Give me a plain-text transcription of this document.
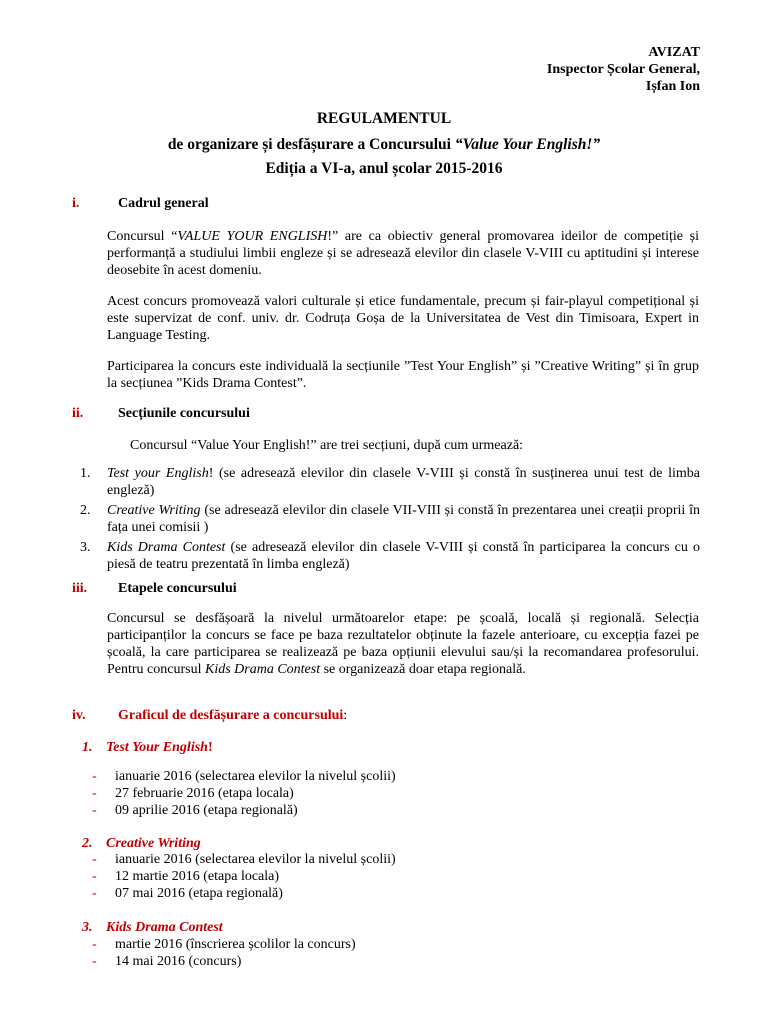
AVIZAT
Inspector Școlar General,
Ișfan Ion
REGULAMENTUL
de organizare și desfășurare a Concursului “Value Your English!”
Ediția a VI-a, anul școlar 2015-2016
i.	Cadrul general
Concursul “VALUE YOUR ENGLISH!” are ca obiectiv general promovarea ideilor de competiție și performanță a studiului limbii engleze și se adresează elevilor din clasele V-VIII cu aptitudini și interese deosebite în acest domeniu.
Acest concurs promovează valori culturale și etice fundamentale, precum și fair-playul competițional și este supervizat de conf. univ. dr. Codruța Goșa de la Universitatea de Vest din Timisoara, Expert in Language Testing.
Participarea la concurs este individuală la secțiunile ”Test Your English” și ”Creative Writing” și în grup la secțiunea ”Kids Drama Contest”.
ii. Secțiunile concursului
Concursul “Value Your English!” are trei secțiuni, după cum urmează:
1. Test your English! (se adresează elevilor din clasele V-VIII și constă în susținerea unui test de limba engleză)
2. Creative Writing (se adresează elevilor din clasele VII-VIII și constă în prezentarea unei creații proprii în fața unei comisii )
3. Kids Drama Contest (se adresează elevilor din clasele V-VIII și constă în participarea la concurs cu o piesă de teatru prezentată în limba engleză)
iii. Etapele concursului
Concursul se desfășoară la nivelul următoarelor etape: pe școală, locală și regională. Selecția participanților la concurs se face pe baza rezultatelor obținute la fazele anterioare, cu excepția fazei pe școală, la care participarea se realizează pe baza opțiunii elevului sau/și la recomandarea profesorului. Pentru concursul Kids Drama Contest se organizează doar etapa regională.
iv. Graficul de desfășurare a concursului:
1. Test Your English!
- ianuarie 2016 (selectarea elevilor la nivelul școlii)
- 27 februarie 2016 (etapa locala)
- 09 aprilie 2016 (etapa regională)
2. Creative Writing
- ianuarie 2016 (selectarea elevilor la nivelul școlii)
- 12 martie 2016 (etapa locala)
- 07 mai 2016 (etapa regională)
3. Kids Drama Contest
- martie 2016 (înscrierea școlilor la concurs)
- 14 mai 2016 (concurs)
